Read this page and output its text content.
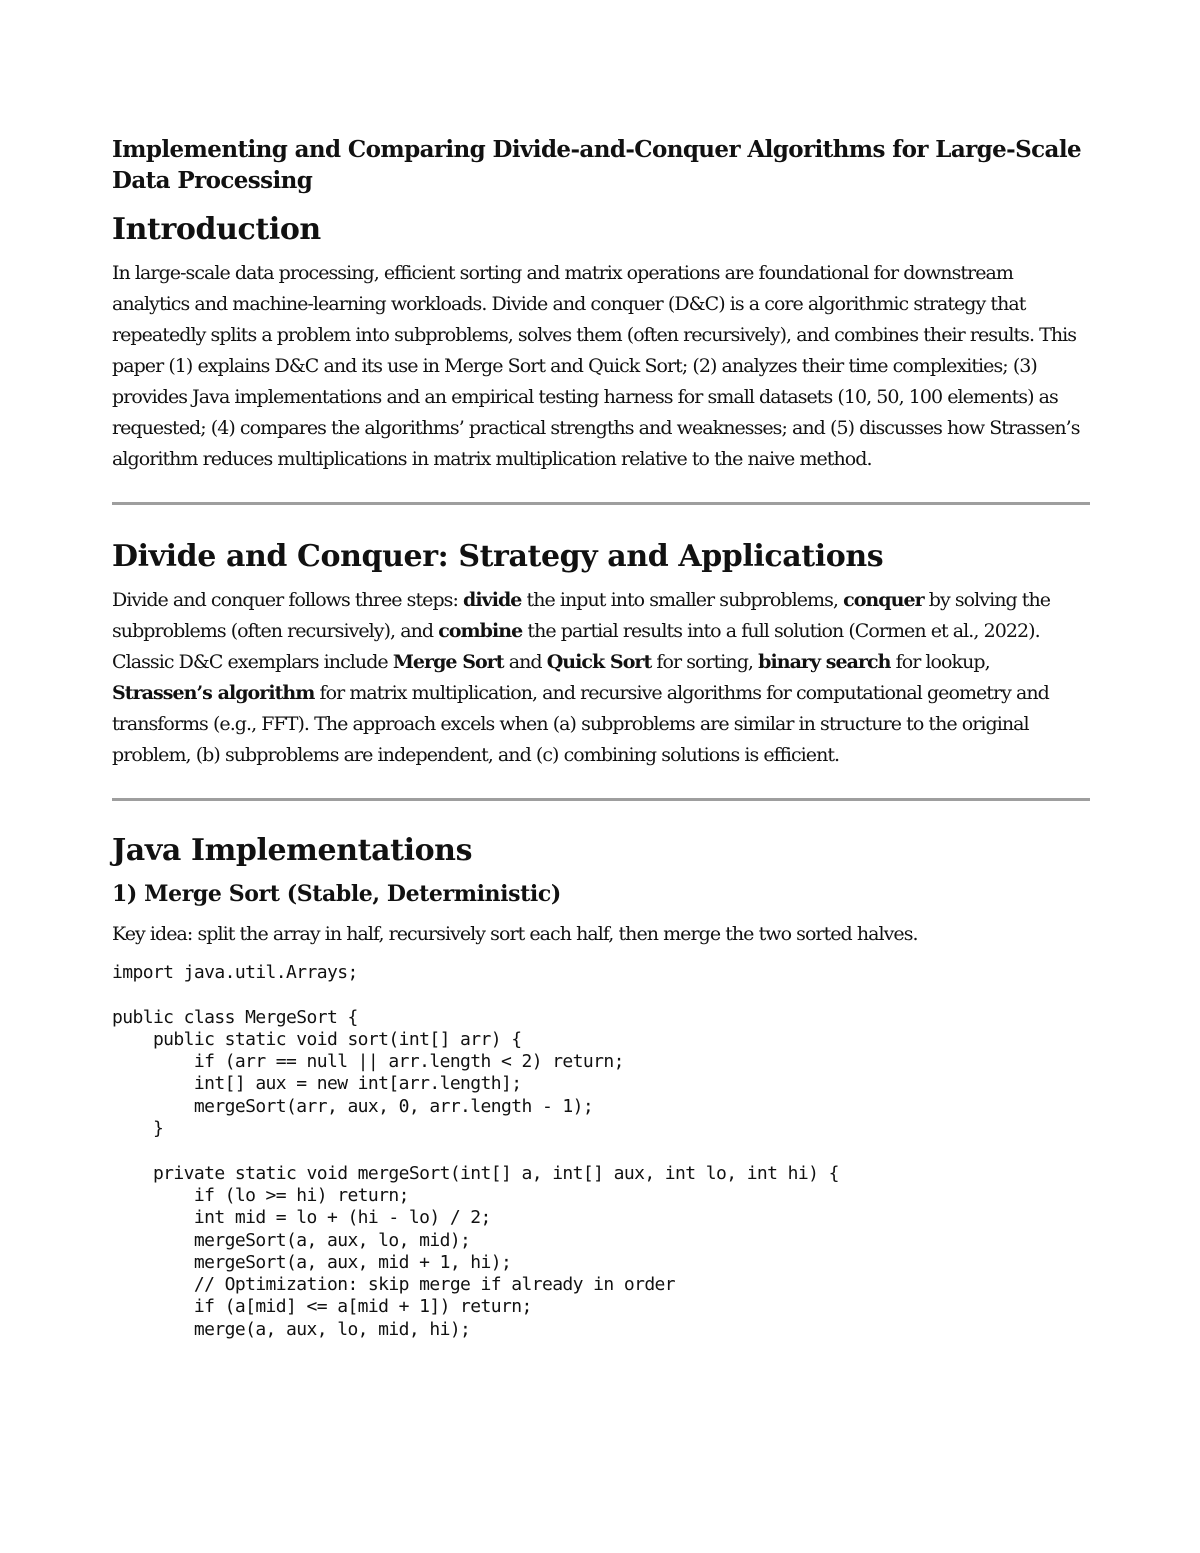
Implementing and Comparing Divide-and-Conquer Algorithms for Large-Scale Data Processing
Introduction

In large-scale data processing, efficient sorting and matrix operations are foundational for downstream analytics and machine-learning workloads. Divide and conquer (D&C) is a core algorithmic strategy that repeatedly splits a problem into subproblems, solves them (often recursively), and combines their results. This paper (1) explains D&C and its use in Merge Sort and Quick Sort; (2) analyzes their time complexities; (3) provides Java implementations and an empirical testing harness for small datasets (10, 50, 100 elements) as requested; (4) compares the algorithms’ practical strengths and weaknesses; and (5) discusses how Strassen’s algorithm reduces multiplications in matrix multiplication relative to the naive method.

Divide and Conquer: Strategy and Applications

Divide and conquer follows three steps: divide the input into smaller subproblems, conquer by solving the subproblems (often recursively), and combine the partial results into a full solution (Cormen et al., 2022). Classic D&C exemplars include Merge Sort and Quick Sort for sorting, binary search for lookup, Strassen’s algorithm for matrix multiplication, and recursive algorithms for computational geometry and transforms (e.g., FFT). The approach excels when (a) subproblems are similar in structure to the original problem, (b) subproblems are independent, and (c) combining solutions is efficient.

Java Implementations
1) Merge Sort (Stable, Deterministic)

Key idea: split the array in half, recursively sort each half, then merge the two sorted halves.

import java.util.Arrays;

public class MergeSort {
public static void sort(int[] arr) {
if (arr == null || arr.length < 2) return;
int[] aux = new int[arr.length];
mergeSort(arr, aux, 0, arr.length - 1);
}

private static void mergeSort(int[] a, int[] aux, int lo, int hi) {
if (lo >= hi) return;
int mid = lo + (hi - lo) / 2;
mergeSort(a, aux, lo, mid);
mergeSort(a, aux, mid + 1, hi);
// Optimization: skip merge if already in order
if (a[mid] <= a[mid + 1]) return;
merge(a, aux, lo, mid, hi);
